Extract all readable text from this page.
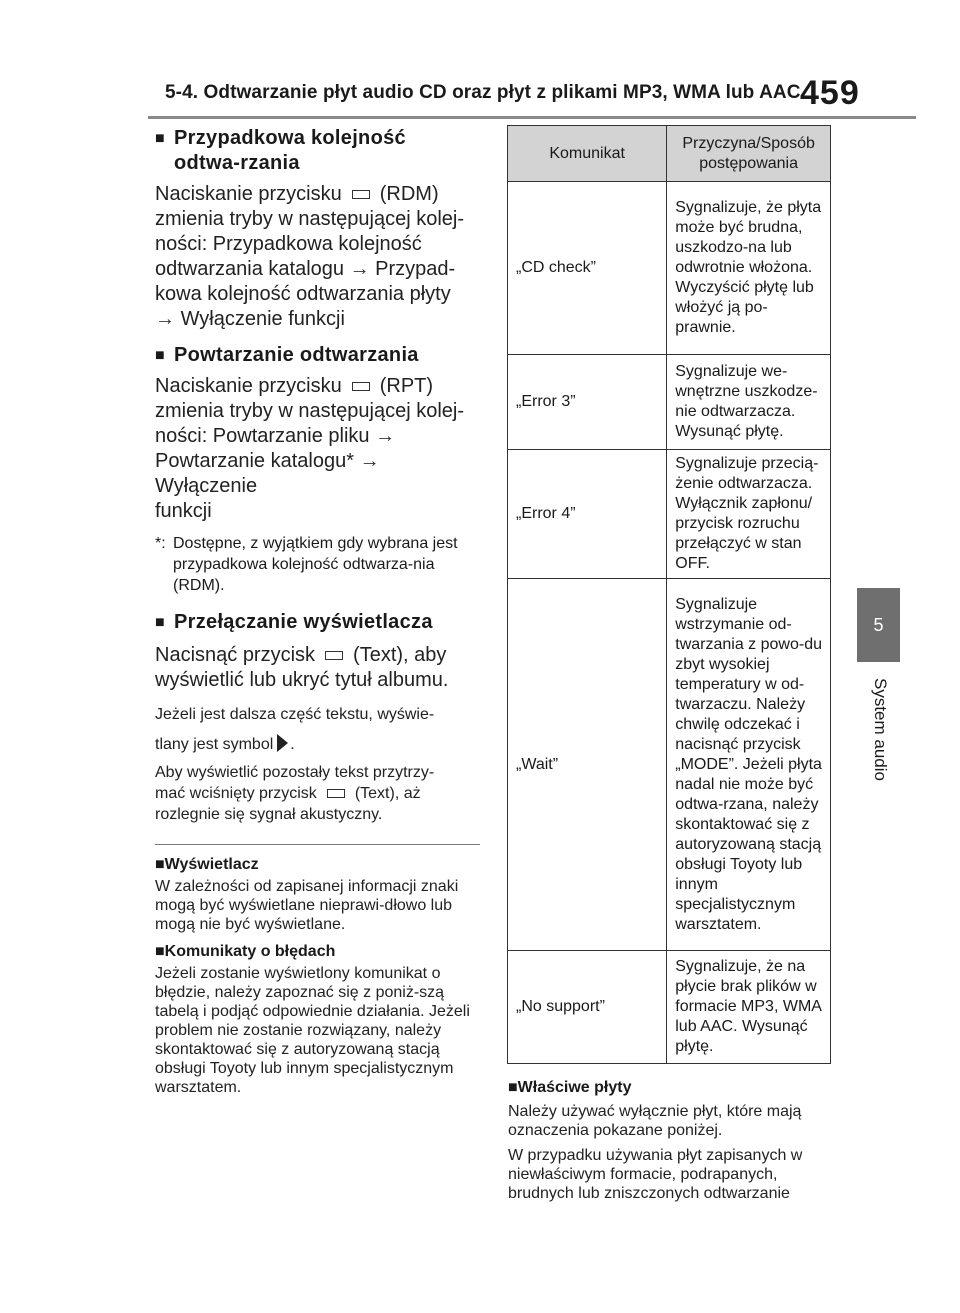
5-4. Odtwarzanie płyt audio CD oraz płyt z plikami MP3, WMA lub AAC 459
5
System audio
■ Przypadkowa kolejność odtwa-rzania
Naciskanie przycisku (RDM)
zmienia tryby w następującej kolej-
ności: Przypadkowa kolejność
odtwarzania katalogu → Przypad-
kowa kolejność odtwarzania płyty
→ Wyłączenie funkcji
■ Powtarzanie odtwarzania
Naciskanie przycisku (RPT)
zmienia tryby w następującej kolej-
ności: Powtarzanie pliku →
Powtarzanie katalogu* → Wyłączenie
funkcji
*: Dostępne, z wyjątkiem gdy wybrana jest przypadkowa kolejność odtwarza-nia (RDM).
■ Przełączanie wyświetlacza
Nacisnąć przycisk (Text), aby
wyświetlić lub ukryć tytuł albumu.
Jeżeli jest dalsza część tekstu, wyświe-
tlany jest symbol .
Aby wyświetlić pozostały tekst przytrzy-
mać wciśnięty przycisk (Text), aż
rozlegnie się sygnał akustyczny.
■Wyświetlacz
W zależności od zapisanej informacji znaki mogą być wyświetlane nieprawi-dłowo lub mogą nie być wyświetlane.
■Komunikaty o błędach
Jeżeli zostanie wyświetlony komunikat o błędzie, należy zapoznać się z poniż-szą tabelą i podjąć odpowiednie działania. Jeżeli problem nie zostanie rozwiązany, należy skontaktować się z autoryzowaną stacją obsługi Toyoty lub innym specjalistycznym warsztatem.
Komunikat	Przyczyna/Sposób postępowania
„CD check”	Sygnalizuje, że płyta może być brudna, uszkodzo-na lub odwrotnie włożona. Wyczyścić płytę lub włożyć ją po-prawnie.
„Error 3”	Sygnalizuje we-wnętrzne uszkodze-nie odtwarzacza. Wysunąć płytę.
„Error 4”	Sygnalizuje przecią-żenie odtwarzacza. Wyłącznik zapłonu/ przycisk rozruchu przełączyć w stan OFF.
„Wait”	Sygnalizuje wstrzymanie od-twarzania z powo-du zbyt wysokiej temperatury w od-twarzaczu. Należy chwilę odczekać i nacisnąć przycisk „MODE”. Jeżeli płyta nadal nie może być odtwa-rzana, należy skontaktować się z autoryzowaną stacją obsługi Toyoty lub innym specjalistycznym warsztatem.
„No support”	Sygnalizuje, że na płycie brak plików w formacie MP3, WMA lub AAC. Wysunąć płytę.
■Właściwe płyty
Należy używać wyłącznie płyt, które mają oznaczenia pokazane poniżej.
W przypadku używania płyt zapisanych w niewłaściwym formacie, podrapanych, brudnych lub zniszczonych odtwarzanie
